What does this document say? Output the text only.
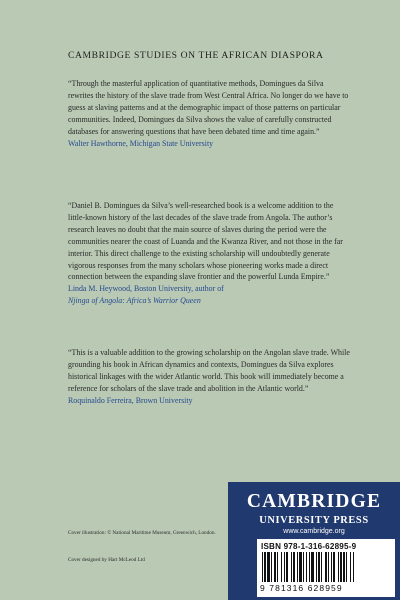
CAMBRIDGE STUDIES ON THE AFRICAN DIASPORA

“Through the masterful application of quantitative methods, Domingues da Silva rewrites the history of the slave trade from West Central Africa. No longer do we have to guess at slaving patterns and at the demographic impact of those patterns on particular communities. Indeed, Domingues da Silva shows the value of carefully constructed databases for answering questions that have been debated time and time again.”

Walter Hawthorne, Michigan State University

“Daniel B. Domingues da Silva’s well-researched book is a welcome addition to the little-known history of the last decades of the slave trade from Angola. The author’s research leaves no doubt that the main source of slaves during the period were the communities nearer the coast of Luanda and the Kwanza River, and not those in the far interior. This direct challenge to the existing scholarship will undoubtedly generate vigorous responses from the many scholars whose pioneering works made a direct connection between the expanding slave frontier and the powerful Lunda Empire.”

Linda M. Heywood, Boston University, author of
Njinga of Angola: Africa’s Warrior Queen

“This is a valuable addition to the growing scholarship on the Angolan slave trade. While grounding his book in African dynamics and contexts, Domingues da Silva explores historical linkages with the wider Atlantic world. This book will immediately become a reference for scholars of the slave trade and abolition in the Atlantic world.”

Roquinaldo Ferreira, Brown University

Cover illustration: © National Maritime Museum, Greenwich, London.
Cover designed by Hart McLeod Ltd
CAMBRIDGE
UNIVERSITY PRESS
www.cambridge.org
ISBN 978-1-316-62895-9
9 781316 628959
